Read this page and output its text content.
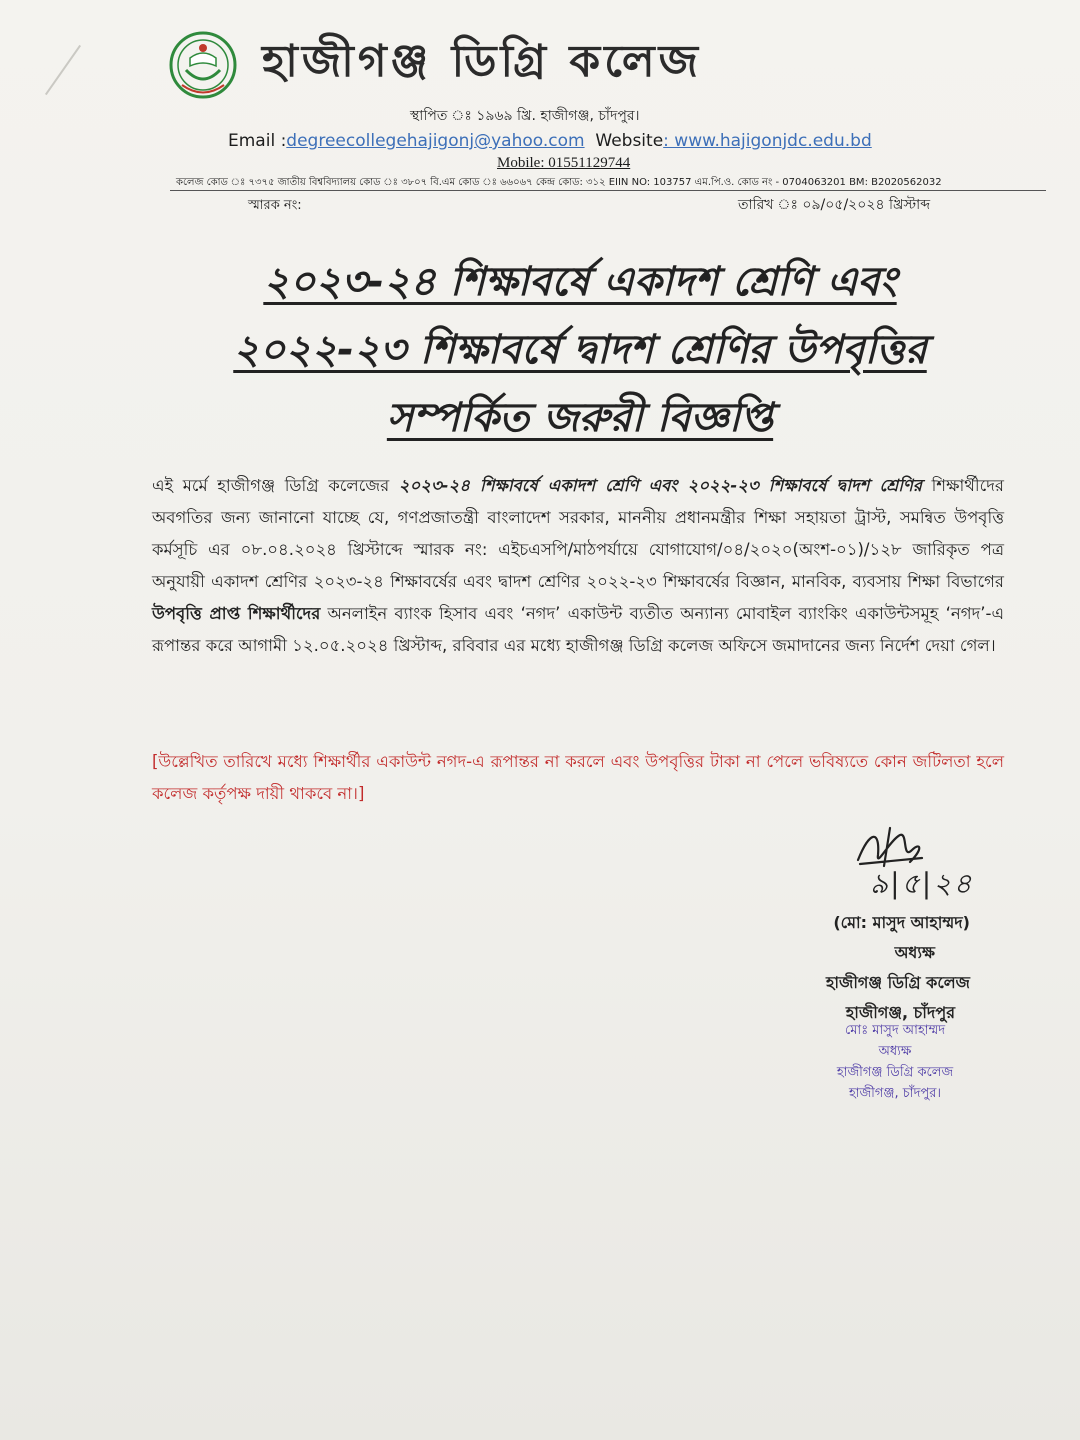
হাজীগঞ্জ ডিগ্রি কলেজ
স্থাপিত ঃ ১৯৬৯ খ্রি. হাজীগঞ্জ, চাঁদপুর।
Email :degreecollegehajigonj@yahoo.com Website: www.hajigonjdc.edu.bd
Mobile: 01551129744
কলেজ কোড ঃ ৭৩৭৫ জাতীয় বিশ্ববিদ্যালয় কোড ঃ ৩৮০৭ বি.এম কোড ঃ ৬৬০৬৭ কেন্দ্র কোড: ৩১২ EIIN NO: 103757 এম.পি.ও. কোড নং - 0704063201 BM: B2020562032
স্মারক নং:	তারিখ ঃ ০৯/০৫/২০২৪ খ্রিস্টাব্দ
২০২৩-২৪ শিক্ষাবর্ষে একাদশ শ্রেণি এবং
২০২২-২৩ শিক্ষাবর্ষে দ্বাদশ শ্রেণির উপবৃত্তির
সম্পর্কিত জরুরী বিজ্ঞপ্তি
এই মর্মে হাজীগঞ্জ ডিগ্রি কলেজের ২০২৩-২৪ শিক্ষাবর্ষে একাদশ শ্রেণি এবং ২০২২-২৩ শিক্ষাবর্ষে দ্বাদশ শ্রেণির শিক্ষার্থীদের অবগতির জন্য জানানো যাচ্ছে যে, গণপ্রজাতন্ত্রী বাংলাদেশ সরকার, মাননীয় প্রধানমন্ত্রীর শিক্ষা সহায়তা ট্রাস্ট, সমন্বিত উপবৃত্তি কর্মসূচি এর ০৮.০৪.২০২৪ খ্রিস্টাব্দে স্মারক নং: এইচএসপি/মাঠপর্যায়ে যোগাযোগ/০৪/২০২০(অংশ-০১)/১২৮ জারিকৃত পত্র অনুযায়ী একাদশ শ্রেণির ২০২৩-২৪ শিক্ষাবর্ষের এবং দ্বাদশ শ্রেণির ২০২২-২৩ শিক্ষাবর্ষের বিজ্ঞান, মানবিক, ব্যবসায় শিক্ষা বিভাগের উপবৃত্তি প্রাপ্ত শিক্ষার্থীদের অনলাইন ব্যাংক হিসাব এবং ‘নগদ’ একাউন্ট ব্যতীত অন্যান্য মোবাইল ব্যাংকিং একাউন্টসমূহ ‘নগদ’-এ রূপান্তর করে আগামী ১২.০৫.২০২৪ খ্রিস্টাব্দ, রবিবার এর মধ্যে হাজীগঞ্জ ডিগ্রি কলেজ অফিসে জমাদানের জন্য নির্দেশ দেয়া গেল।
[উল্লেখিত তারিখে মধ্যে শিক্ষার্থীর একাউন্ট নগদ-এ রূপান্তর না করলে এবং উপবৃত্তির টাকা না পেলে ভবিষ্যতে কোন জটিলতা হলে কলেজ কর্তৃপক্ষ দায়ী থাকবে না।]
৯|৫|২৪
(মো: মাসুদ আহাম্মদ)
অধ্যক্ষ
হাজীগঞ্জ ডিগ্রি কলেজ
হাজীগঞ্জ, চাঁদপুর
মোঃ মাসুদ আহাম্মদ
অধ্যক্ষ
হাজীগঞ্জ ডিগ্রি কলেজ
হাজীগঞ্জ, চাঁদপুর।
